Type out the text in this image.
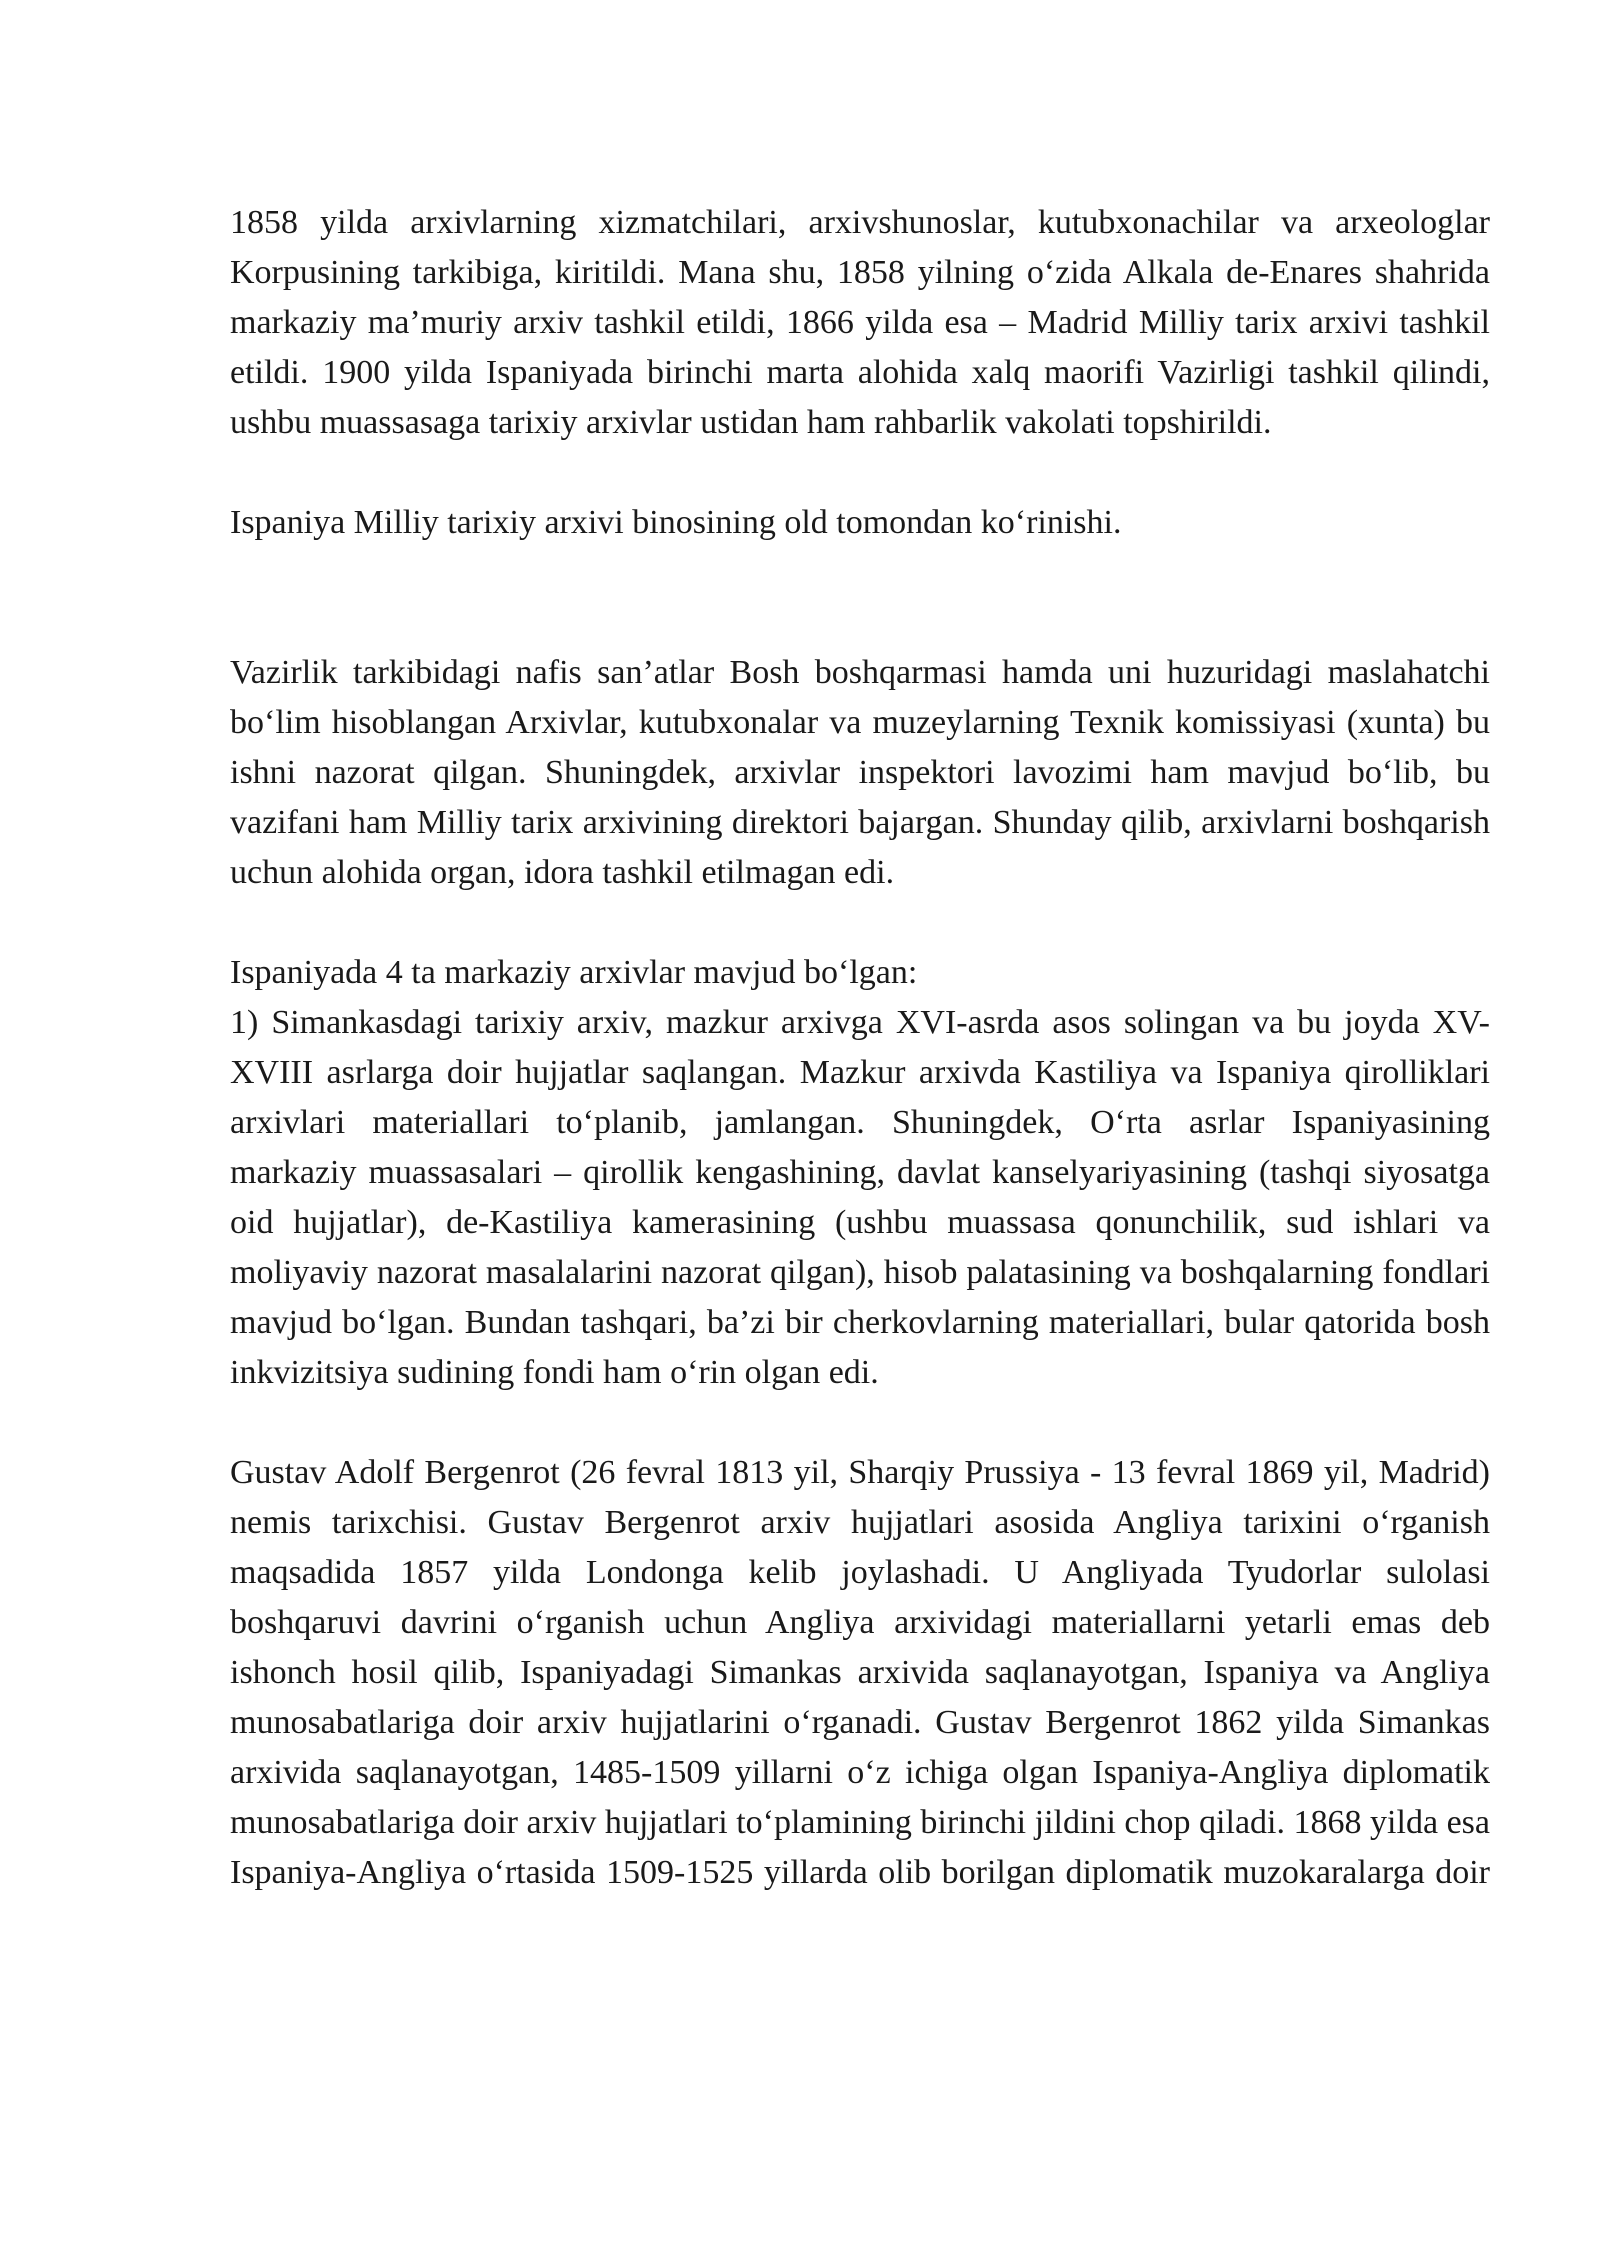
1858 yilda arxivlarning xizmatchilari, arxivshunoslar, kutubxonachilar va arxeologlar Korpusining tarkibiga, kiritildi. Mana shu, 1858 yilning o‘zida Alkala de-Enares shahrida markaziy ma’muriy arxiv tashkil etildi, 1866 yilda esa – Madrid Milliy tarix arxivi tashkil etildi. 1900 yilda Ispaniyada birinchi marta alohida xalq maorifi Vazirligi tashkil qilindi, ushbu muassasaga tarixiy arxivlar ustidan ham rahbarlik vakolati topshirildi.

Ispaniya Milliy tarixiy arxivi binosining old tomondan ko‘rinishi.

Vazirlik tarkibidagi nafis san’atlar Bosh boshqarmasi hamda uni huzuridagi maslahatchi bo‘lim hisoblangan Arxivlar, kutubxonalar va muzeylarning Texnik komissiyasi (xunta) bu ishni nazorat qilgan. Shuningdek, arxivlar inspektori lavozimi ham mavjud bo‘lib, bu vazifani ham Milliy tarix arxivining direktori bajargan. Shunday qilib, arxivlarni boshqarish uchun alohida organ, idora tashkil etilmagan edi.

Ispaniyada 4 ta markaziy arxivlar mavjud bo‘lgan:

1) Simankasdagi tarixiy arxiv, mazkur arxivga XVI-asrda asos solingan va bu joyda XV-XVIII asrlarga doir hujjatlar saqlangan. Mazkur arxivda Kastiliya va Ispaniya qirolliklari arxivlari materiallari to‘planib, jamlangan. Shuningdek, O‘rta asrlar Ispaniyasining markaziy muassasalari – qirollik kengashining, davlat kanselyariyasining (tashqi siyosatga oid hujjatlar), de-Kastiliya kamerasining (ushbu muassasa qonunchilik, sud ishlari va moliyaviy nazorat masalalarini nazorat qilgan), hisob palatasining va boshqalarning fondlari mavjud bo‘lgan. Bundan tashqari, ba’zi bir cherkovlarning materiallari, bular qatorida bosh inkvizitsiya sudining fondi ham o‘rin olgan edi.

Gustav Adolf Bergenrot (26 fevral 1813 yil, Sharqiy Prussiya - 13 fevral 1869 yil, Madrid) nemis tarixchisi. Gustav Bergenrot arxiv hujjatlari asosida Angliya tarixini o‘rganish maqsadida 1857 yilda Londonga kelib joylashadi. U Angliyada Tyudorlar sulolasi boshqaruvi davrini o‘rganish uchun Angliya arxividagi materiallarni yetarli emas deb ishonch hosil qilib, Ispaniyadagi Simankas arxivida saqlanayotgan, Ispaniya va Angliya munosabatlariga doir arxiv hujjatlarini o‘rganadi. Gustav Bergenrot 1862 yilda Simankas arxivida saqlanayotgan, 1485-1509 yillarni o‘z ichiga olgan Ispaniya-Angliya diplomatik munosabatlariga doir arxiv hujjatlari to‘plamining birinchi jildini chop qiladi. 1868 yilda esa Ispaniya-Angliya o‘rtasida 1509-1525 yillarda olib borilgan diplomatik muzokaralarga doir
